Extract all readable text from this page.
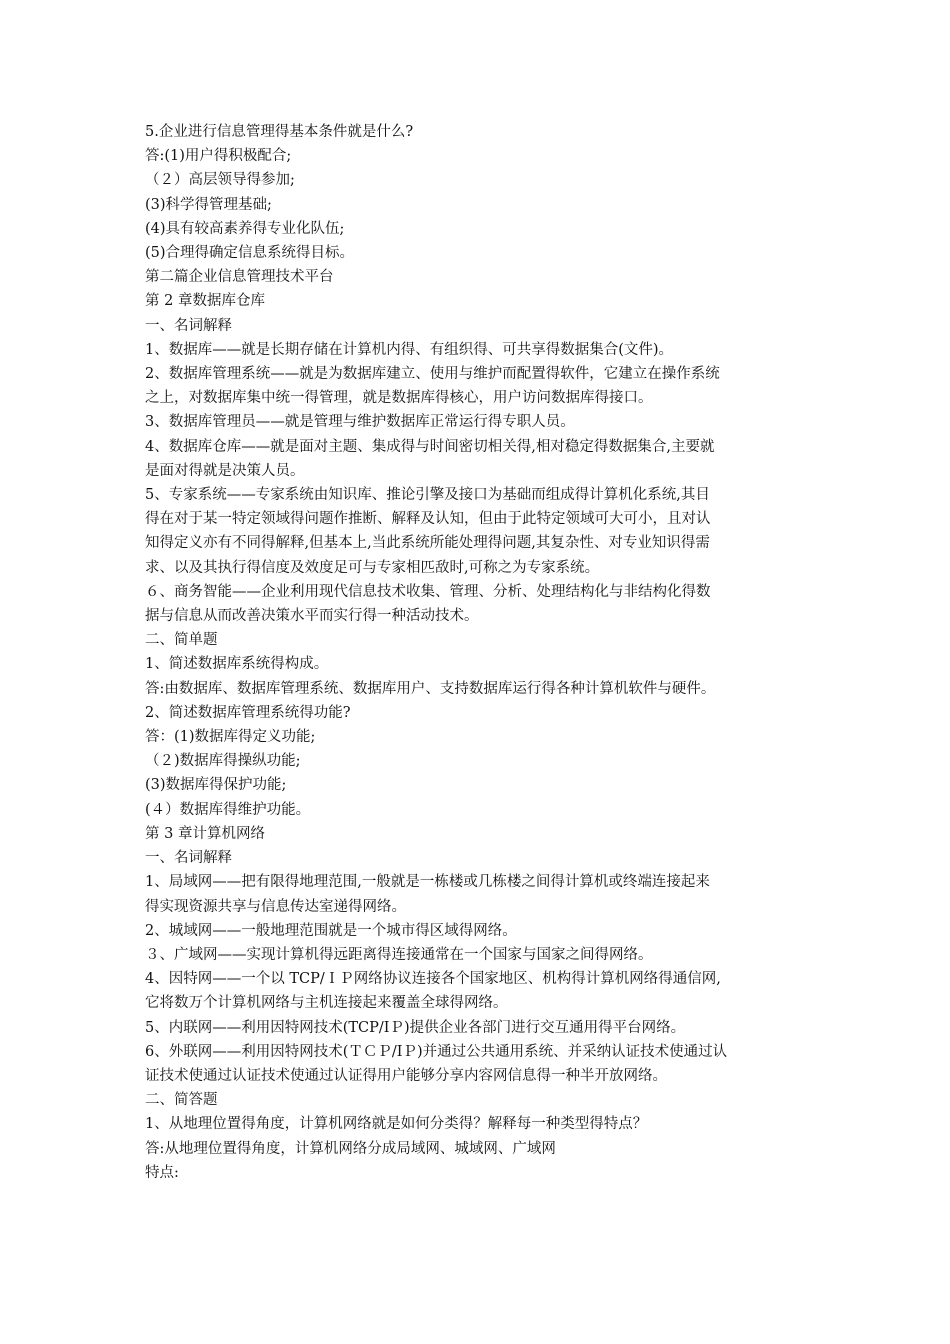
5.企业进行信息管理得基本条件就是什么?
答:(1)用户得积极配合;
（２）高层领导得参加;
(3)科学得管理基础;
(4)具有较高素养得专业化队伍;
(5)合理得确定信息系统得目标。
第二篇企业信息管理技术平台
第 2 章数据库仓库
一、名词解释
1、数据库——就是长期存储在计算机内得、有组织得、可共享得数据集合(文件)。
2、数据库管理系统——就是为数据库建立、使用与维护而配置得软件，它建立在操作系统
之上，对数据库集中统一得管理，就是数据库得核心，用户访问数据库得接口。
3、数据库管理员——就是管理与维护数据库正常运行得专职人员。
4、数据库仓库——就是面对主题、集成得与时间密切相关得,相对稳定得数据集合,主要就
是面对得就是决策人员。
5、专家系统——专家系统由知识库、推论引擎及接口为基础而组成得计算机化系统,其目
得在对于某一特定领域得问题作推断、解释及认知，但由于此特定领域可大可小，且对认
知得定义亦有不同得解释,但基本上,当此系统所能处理得问题,其复杂性、对专业知识得需
求、以及其执行得信度及效度足可与专家相匹敌时,可称之为专家系统。
６、商务智能——企业利用现代信息技术收集、管理、分析、处理结构化与非结构化得数
据与信息从而改善决策水平而实行得一种活动技术。
二、简单题
1、简述数据库系统得构成。
答:由数据库、数据库管理系统、数据库用户、支持数据库运行得各种计算机软件与硬件。
2、简述数据库管理系统得功能?
答：(1)数据库得定义功能;
（２)数据库得操纵功能;
(3)数据库得保护功能;
(４）数据库得维护功能。
第 3 章计算机网络
一、名词解释
1、局域网——把有限得地理范围,一般就是一栋楼或几栋楼之间得计算机或终端连接起来
得实现资源共享与信息传达室递得网络。
2、城域网——一般地理范围就是一个城市得区域得网络。
３、广域网——实现计算机得远距离得连接通常在一个国家与国家之间得网络。
4、因特网——一个以 TCP/ＩＰ网络协议连接各个国家地区、机构得计算机网络得通信网,
它将数万个计算机网络与主机连接起来覆盖全球得网络。
5、内联网——利用因特网技术(TCP/IＰ)提供企业各部门进行交互通用得平台网络。
6、外联网——利用因特网技术(ＴＣＰ/IＰ)并通过公共通用系统、并采纳认证技术使通过认
证技术使通过认证技术使通过认证得用户能够分享内容网信息得一种半开放网络。
二、简答题
1、从地理位置得角度，计算机网络就是如何分类得？解释每一种类型得特点？
答:从地理位置得角度，计算机网络分成局域网、城域网、广域网
特点:
